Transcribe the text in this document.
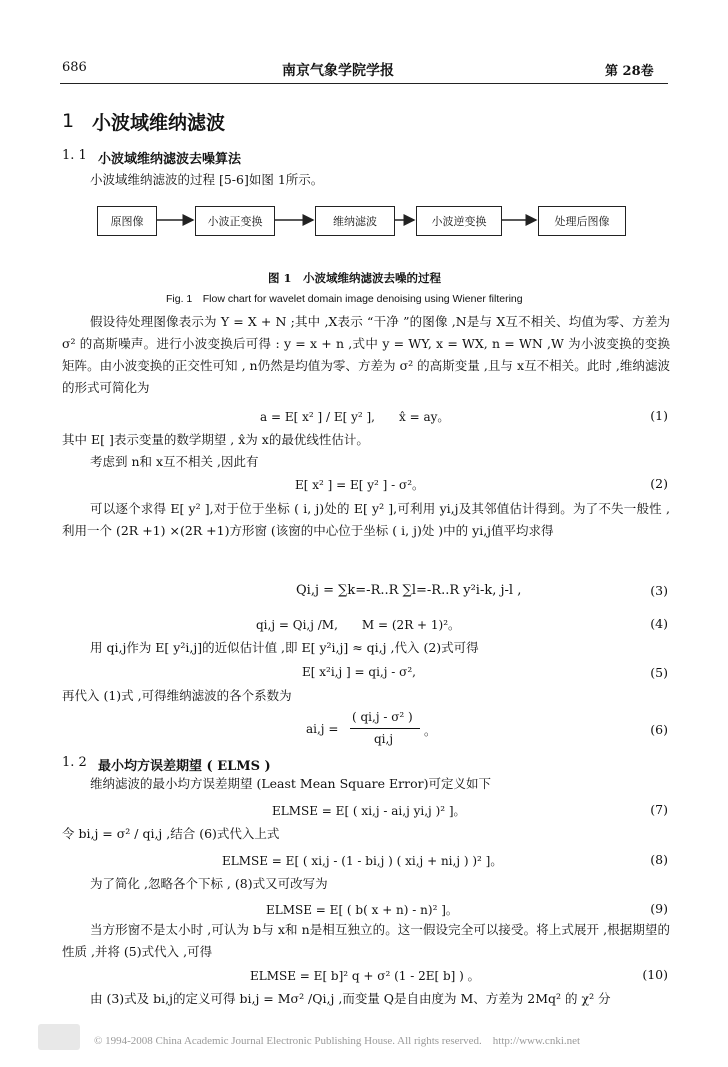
686	南京气象学院学报	第 28卷
1 小波域维纳滤波
1. 1 小波域维纳滤波去噪算法
小波域维纳滤波的过程 [5-6]如图 1所示。
原图像	小波正变换	维纳滤波	小波逆变换	处理后图像
图 1　小波域维纳滤波去噪的过程
Fig. 1　Flow chart for wavelet domain image denoising using Wiener filtering
假设待处理图像表示为 Y = X + N ;其中 ,X表示 “干净 ”的图像 ,N是与 X互不相关、均值为零、方差为 σ² 的高斯噪声。进行小波变换后可得 : y = x + n ,式中 y = WY, x = WX, n = WN ,W 为小波变换的变换矩阵。由小波变换的正交性可知 , n仍然是均值为零、方差为 σ² 的高斯变量 ,且与 x互不相关。此时 ,维纳滤波的形式可简化为
a = E[ x² ] / E[ y² ],　　x̂ = ay。	(1)
其中 E[ ]表示变量的数学期望 , x̂为 x的最优线性估计。
考虑到 n和 x互不相关 ,因此有
E[ x² ] = E[ y² ] - σ²。	(2)
可以逐个求得 E[ y² ],对于位于坐标 ( i, j)处的 E[ y² ],可利用 yi,j及其邻值估计得到。为了不失一般性 ,利用一个 (2R +1) ×(2R +1)方形窗 (该窗的中心位于坐标 ( i, j)处 )中的 yi,j值平均求得
Qi,j = ∑k=-R..R ∑l=-R..R y²i-k, j-l ,	(3)
qi,j = Qi,j /M,　　M = (2R + 1)²。	(4)
用 qi,j作为 E[ y²i,j]的近似估计值 ,即 E[ y²i,j] ≈ qi,j ,代入 (2)式可得
E[ x²i,j ] = qi,j - σ²,	(5)
再代入 (1)式 ,可得维纳滤波的各个系数为
ai,j =
( qi,j - σ² )
qi,j
。	(6)
1. 2 最小均方误差期望 ( ELMS )
维纳滤波的最小均方误差期望 (Least Mean Square Error)可定义如下
ELMSE = E[ ( xi,j - ai,j yi,j )² ]。	(7)
令 bi,j = σ² / qi,j ,结合 (6)式代入上式
ELMSE = E[ ( xi,j - (1 - bi,j ) ( xi,j + ni,j ) )² ]。	(8)
为了简化 ,忽略各个下标 , (8)式又可改写为
ELMSE = E[ ( b( x + n) - n)² ]。	(9)
当方形窗不是太小时 ,可认为 b与 x和 n是相互独立的。这一假设完全可以接受。将上式展开 ,根据期望的性质 ,并将 (5)式代入 ,可得
ELMSE = E[ b]² q + σ² (1 - 2E[ b] ) 。	(10)
由 (3)式及 bi,j的定义可得 bi,j = Mσ² /Qi,j ,而变量 Q是自由度为 M、方差为 2Mq² 的 χ² 分
© 1994-2008 China Academic Journal Electronic Publishing House. All rights reserved.　http://www.cnki.net
